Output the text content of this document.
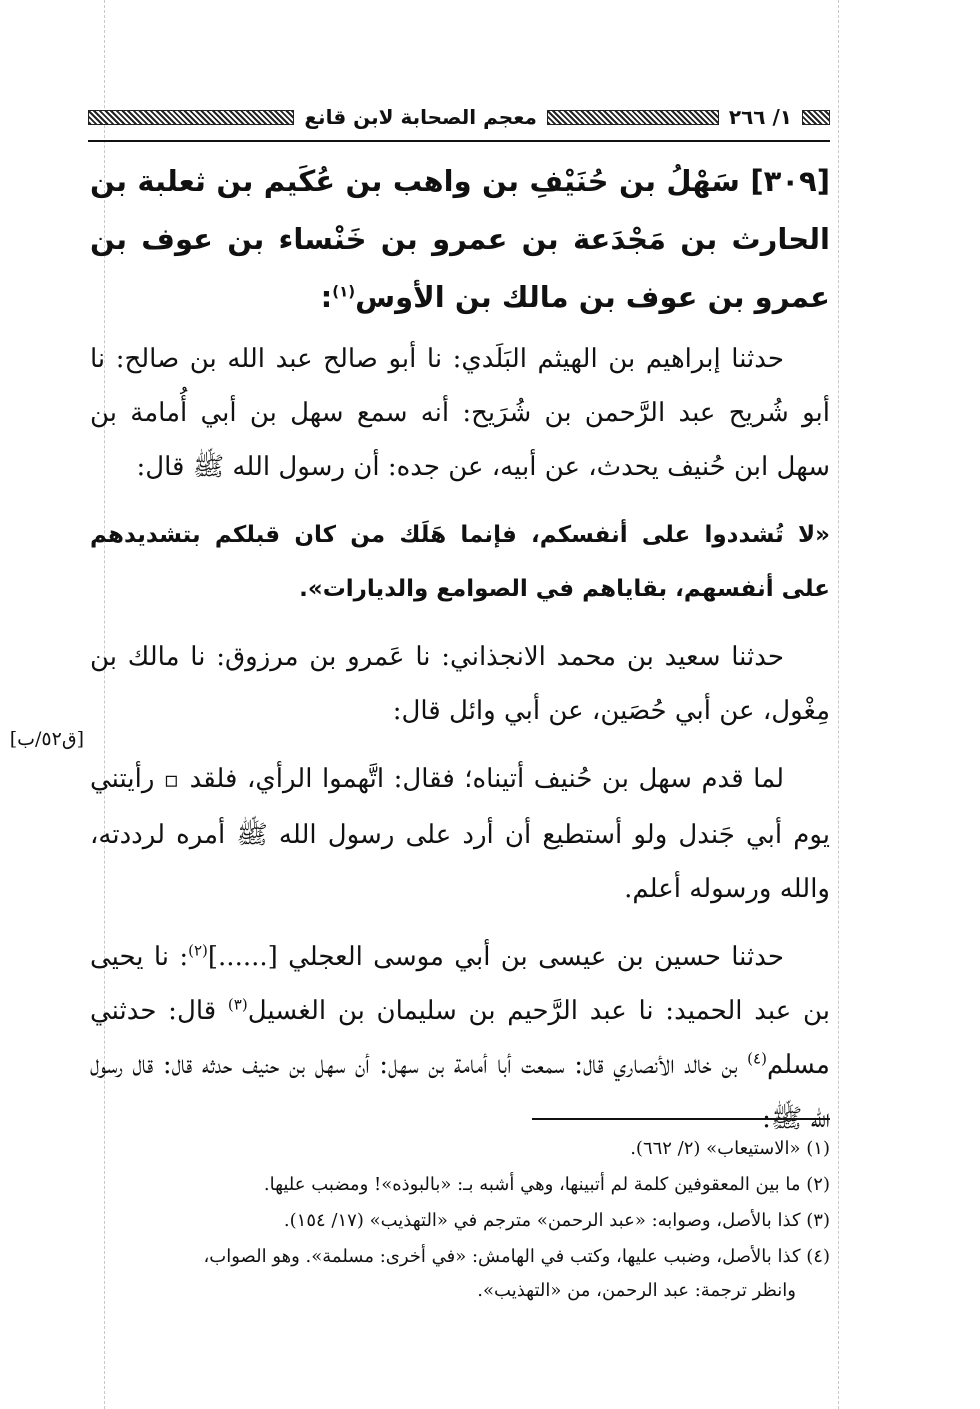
١/ ٢٦٦
معجم الصحابة لابن قانع
[٣٠٩] سَهْلُ بن حُنَيْفِ بن واهب بن عُكَيم بن ثعلبة بن الحارث بن مَجْدَعة بن عمرو بن خَنْساء بن عوف بن عمرو بن عوف بن مالك بن الأوس$^{(١)}$:

حدثنا إبراهيم بن الهيثم البَلَدي: نا أبو صالح عبد الله بن صالح: نا أبو شُريح عبد الرَّحمن بن شُرَيح: أنه سمع سهل بن أبي أُمامة بن سهل ابن حُنيف يحدث، عن أبيه، عن جده: أن رسول الله ﷺ قال:

«لا تُشددوا على أنفسكم، فإنما هَلَك من كان قبلكم بتشديدهم على أنفسهم، بقاياهم في الصوامع والديارات».

حدثنا سعيد بن محمد الانجذاني: نا عَمرو بن مرزوق: نا مالك بن مِغْول، عن أبي حُصَين، عن أبي وائل قال:

لما قدم سهل بن حُنيف أتيناه؛ فقال: اتَّهموا الرأي، فلقد ▫ رأيتني يوم أبي جَندل ولو أستطيع أن أرد على رسول الله ﷺ أمره لرددته، والله ورسوله أعلم.

حدثنا حسين بن عيسى بن أبي موسى العجلي [......]$^{(٢)}$: نا يحيى بن عبد الحميد: نا عبد الرَّحيم بن سليمان بن الغسيل$^{(٣)}$ قال: حدثني مسلم$^{(٤)}$ بن خالد الأنصاري قال: سمعت أبا أمامة بن سهل: أن سهل بن حنيف حدثه قال: قال رسول الله ﷺ:

[ق٥٢/ب]
(١) «الاستيعاب» (٢/ ٦٦٢).
(٢) ما بين المعقوفين كلمة لم أتبينها، وهي أشبه بـ: «بالبوذه»! ومضبب عليها.
(٣) كذا بالأصل، وصوابه: «عبد الرحمن» مترجم في «التهذيب» (١٧/ ١٥٤).
(٤) كذا بالأصل، وضبب عليها، وكتب في الهامش: «في أخرى: مسلمة». وهو الصواب،
وانظر ترجمة: عبد الرحمن، من «التهذيب».
